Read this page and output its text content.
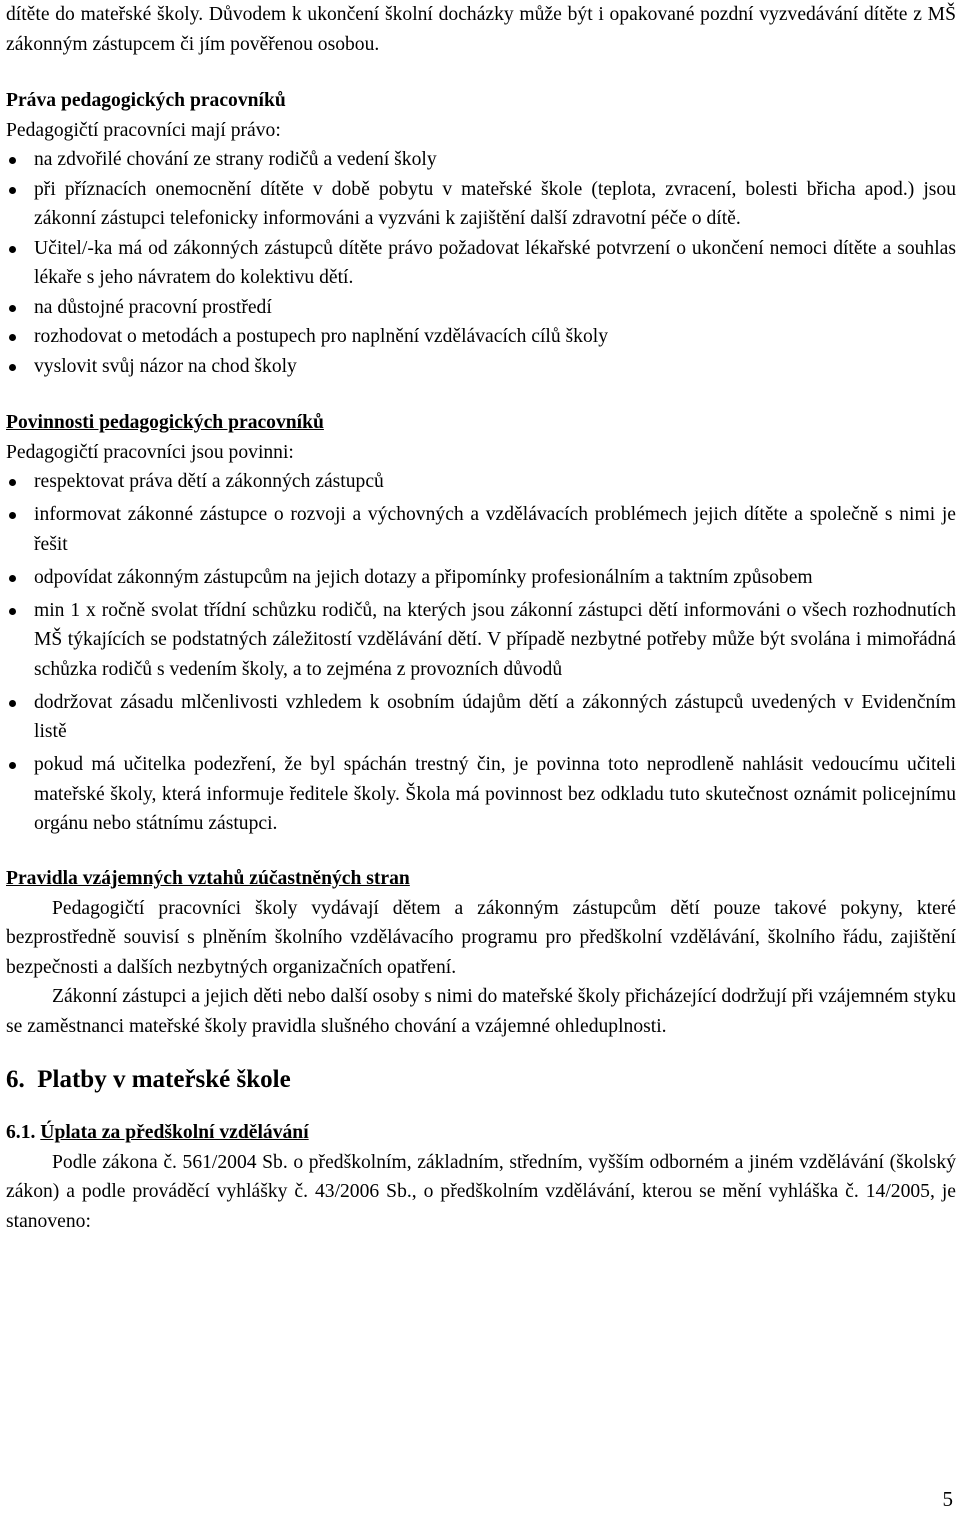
dítěte do mateřské školy. Důvodem k ukončení školní docházky může být i opakované pozdní vyzvedávání dítěte z MŠ zákonným zástupcem či jím pověřenou osobou.

Práva pedagogických pracovníků

Pedagogičtí pracovníci mají právo:

na zdvořilé chování ze strany rodičů a vedení školy
při příznacích onemocnění dítěte v době pobytu v mateřské škole (teplota, zvracení, bolesti břicha apod.) jsou zákonní zástupci telefonicky informováni a vyzváni k zajištění další zdravotní péče o dítě.
Učitel/-ka má od zákonných zástupců dítěte právo požadovat lékařské potvrzení o ukončení nemoci dítěte a souhlas lékaře s jeho návratem do kolektivu dětí.
na důstojné pracovní prostředí
rozhodovat o metodách a postupech pro naplnění vzdělávacích cílů školy
vyslovit svůj názor na chod školy

Povinnosti pedagogických pracovníků

Pedagogičtí pracovníci jsou povinni:

respektovat práva dětí a zákonných zástupců
informovat zákonné zástupce o rozvoji a výchovných a vzdělávacích problémech jejich dítěte a společně s nimi je řešit
odpovídat zákonným zástupcům na jejich dotazy a připomínky profesionálním a taktním způsobem
min 1 x ročně svolat třídní schůzku rodičů, na kterých jsou zákonní zástupci dětí informováni o všech rozhodnutích MŠ týkajících se podstatných záležitostí vzdělávání dětí. V případě nezbytné potřeby může být svolána i mimořádná schůzka rodičů s vedením školy, a to zejména z provozních důvodů
dodržovat zásadu mlčenlivosti vzhledem k osobním údajům dětí a zákonných zástupců uvedených v Evidenčním listě
pokud má učitelka podezření, že byl spáchán trestný čin, je povinna toto neprodleně nahlásit vedoucímu učiteli mateřské školy, která informuje ředitele školy. Škola má povinnost bez odkladu tuto skutečnost oznámit policejnímu orgánu nebo státnímu zástupci.

Pravidla vzájemných vztahů zúčastněných stran

Pedagogičtí pracovníci školy vydávají dětem a zákonným zástupcům dětí pouze takové pokyny, které bezprostředně souvisí s plněním školního vzdělávacího programu pro předškolní vzdělávání, školního řádu, zajištění bezpečnosti a dalších nezbytných organizačních opatření.

Zákonní zástupci a jejich děti nebo další osoby s nimi do mateřské školy přicházející dodržují při vzájemném styku se zaměstnanci mateřské školy pravidla slušného chování a vzájemné ohleduplnosti.

6. Platby v mateřské škole

6.1. Úplata za předškolní vzdělávání

Podle zákona č. 561/2004 Sb. o předškolním, základním, středním, vyšším odborném a jiném vzdělávání (školský zákon) a podle prováděcí vyhlášky č. 43/2006 Sb., o předškolním vzdělávání, kterou se mění vyhláška č. 14/2005, je stanoveno:

5
